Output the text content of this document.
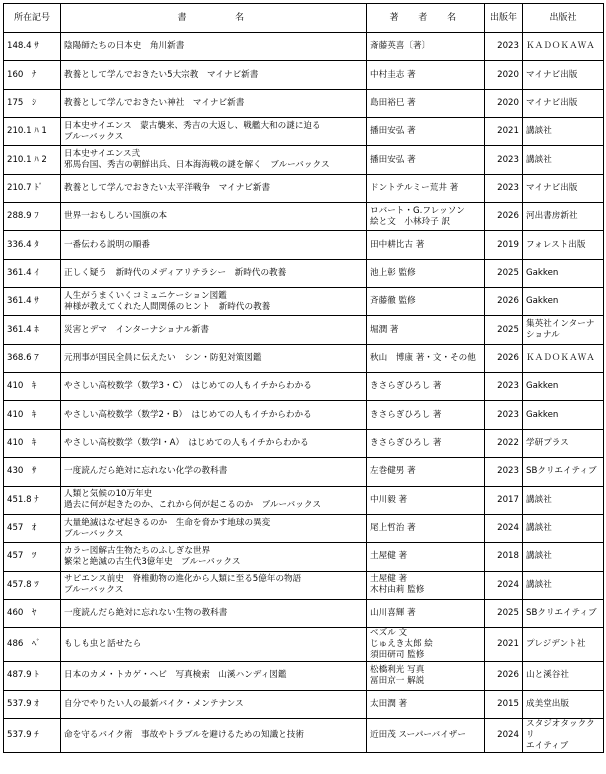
所在記号	書　　　名	著　者　名	出版年	出版社
148.4 ｻ	陰陽師たちの日本史　角川新書	斎藤英喜〔著〕	2023	ＫＡＤＯＫＡＷＡ
160　ﾅ	教養として学んでおきたい5大宗教　マイナビ新書	中村圭志 著	2020	マイナビ出版
175　ｼ	教養として学んでおきたい神社　マイナビ新書	島田裕巳 著	2020	マイナビ出版
210.1 ﾊ 1	日本史サイエンス　蒙古襲来、秀吉の大返し、戦艦大和の謎に迫る
ブルーバックス	播田安弘 著	2021	講談社
210.1 ﾊ 2	日本史サイエンス弐
邪馬台国、秀吉の朝鮮出兵、日本海海戦の謎を解く　ブルーバックス	播田安弘 著	2023	講談社
210.7 ﾄﾞ	教養として学んでおきたい太平洋戦争　マイナビ新書	ドントテルミー荒井 著	2023	マイナビ出版
288.9 ﾌ	世界一おもしろい国旗の本	ロバート・G.フレッソン
絵と文　小林玲子 訳	2026	河出書房新社
336.4 ﾀ	一番伝わる説明の順番	田中耕比古 著	2019	フォレスト出版
361.4 ｲ	正しく疑う　新時代のメディアリテラシー　新時代の教養	池上彰 監修	2025	Gakken
361.4 ｻ	人生がうまくいくコミュニケーション図鑑
神様が教えてくれた人間関係のヒント　新時代の教養	斉藤徹 監修	2026	Gakken
361.4 ﾎ	災害とデマ　インターナショナル新書	堀潤 著	2025	集英社インターナ
ショナル
368.6 ｱ	元刑事が国民全員に伝えたい　シン・防犯対策図鑑	秋山　博康 著・文・その他	2026	ＫＡＤＯＫＡＷＡ
410　ｷ	やさしい高校数学（数学3・C）　はじめての人もイチからわかる	きさらぎひろし 著	2023	Gakken
410　ｷ	やさしい高校数学（数学2・B）　はじめての人もイチからわかる	きさらぎひろし 著	2023	Gakken
410　ｷ	やさしい高校数学（数学Ⅰ・A）　はじめての人もイチからわかる	きさらぎひろし 著	2022	学研プラス
430　ｻ	一度読んだら絶対に忘れない化学の教科書	左巻健男 著	2023	SBクリエイティブ
451.8 ﾅ	人類と気候の10万年史
過去に何が起きたのか、これから何が起こるのか　ブルーバックス	中川毅 著	2017	講談社
457　ｵ	大量絶滅はなぜ起きるのか　生命を脅かす地球の異変
ブルーバックス	尾上哲治 著	2024	講談社
457　ﾂ	カラー図解古生物たちのふしぎな世界
繁栄と絶滅の古生代3億年史　ブルーバックス	土屋健 著	2018	講談社
457.8 ﾂ	サピエンス前史　脊椎動物の進化から人類に至る5億年の物語
ブルーバックス	土屋健 著
木村由莉 監修	2024	講談社
460　ﾔ	一度読んだら絶対に忘れない生物の教科書	山川喜輝 著	2025	SBクリエイティブ
486　ﾍﾞ	もしも虫と話せたら	ベズル 文
じゅえき太郎 絵
須田研司 監修	2021	プレジデント社
487.9 ﾄ	日本のカメ・トカゲ・ヘビ　写真検索　山溪ハンディ図鑑	松橋利光 写真
冨田京一 解説	2026	山と溪谷社
537.9 ｵ	自分でやりたい人の最新バイク・メンテナンス	太田潤 著	2015	成美堂出版
537.9 ﾁ	命を守るバイク術　事故やトラブルを避けるための知識と技術	近田茂 スーパーバイザー	2024	スタジオタッククリ
エイティブ
